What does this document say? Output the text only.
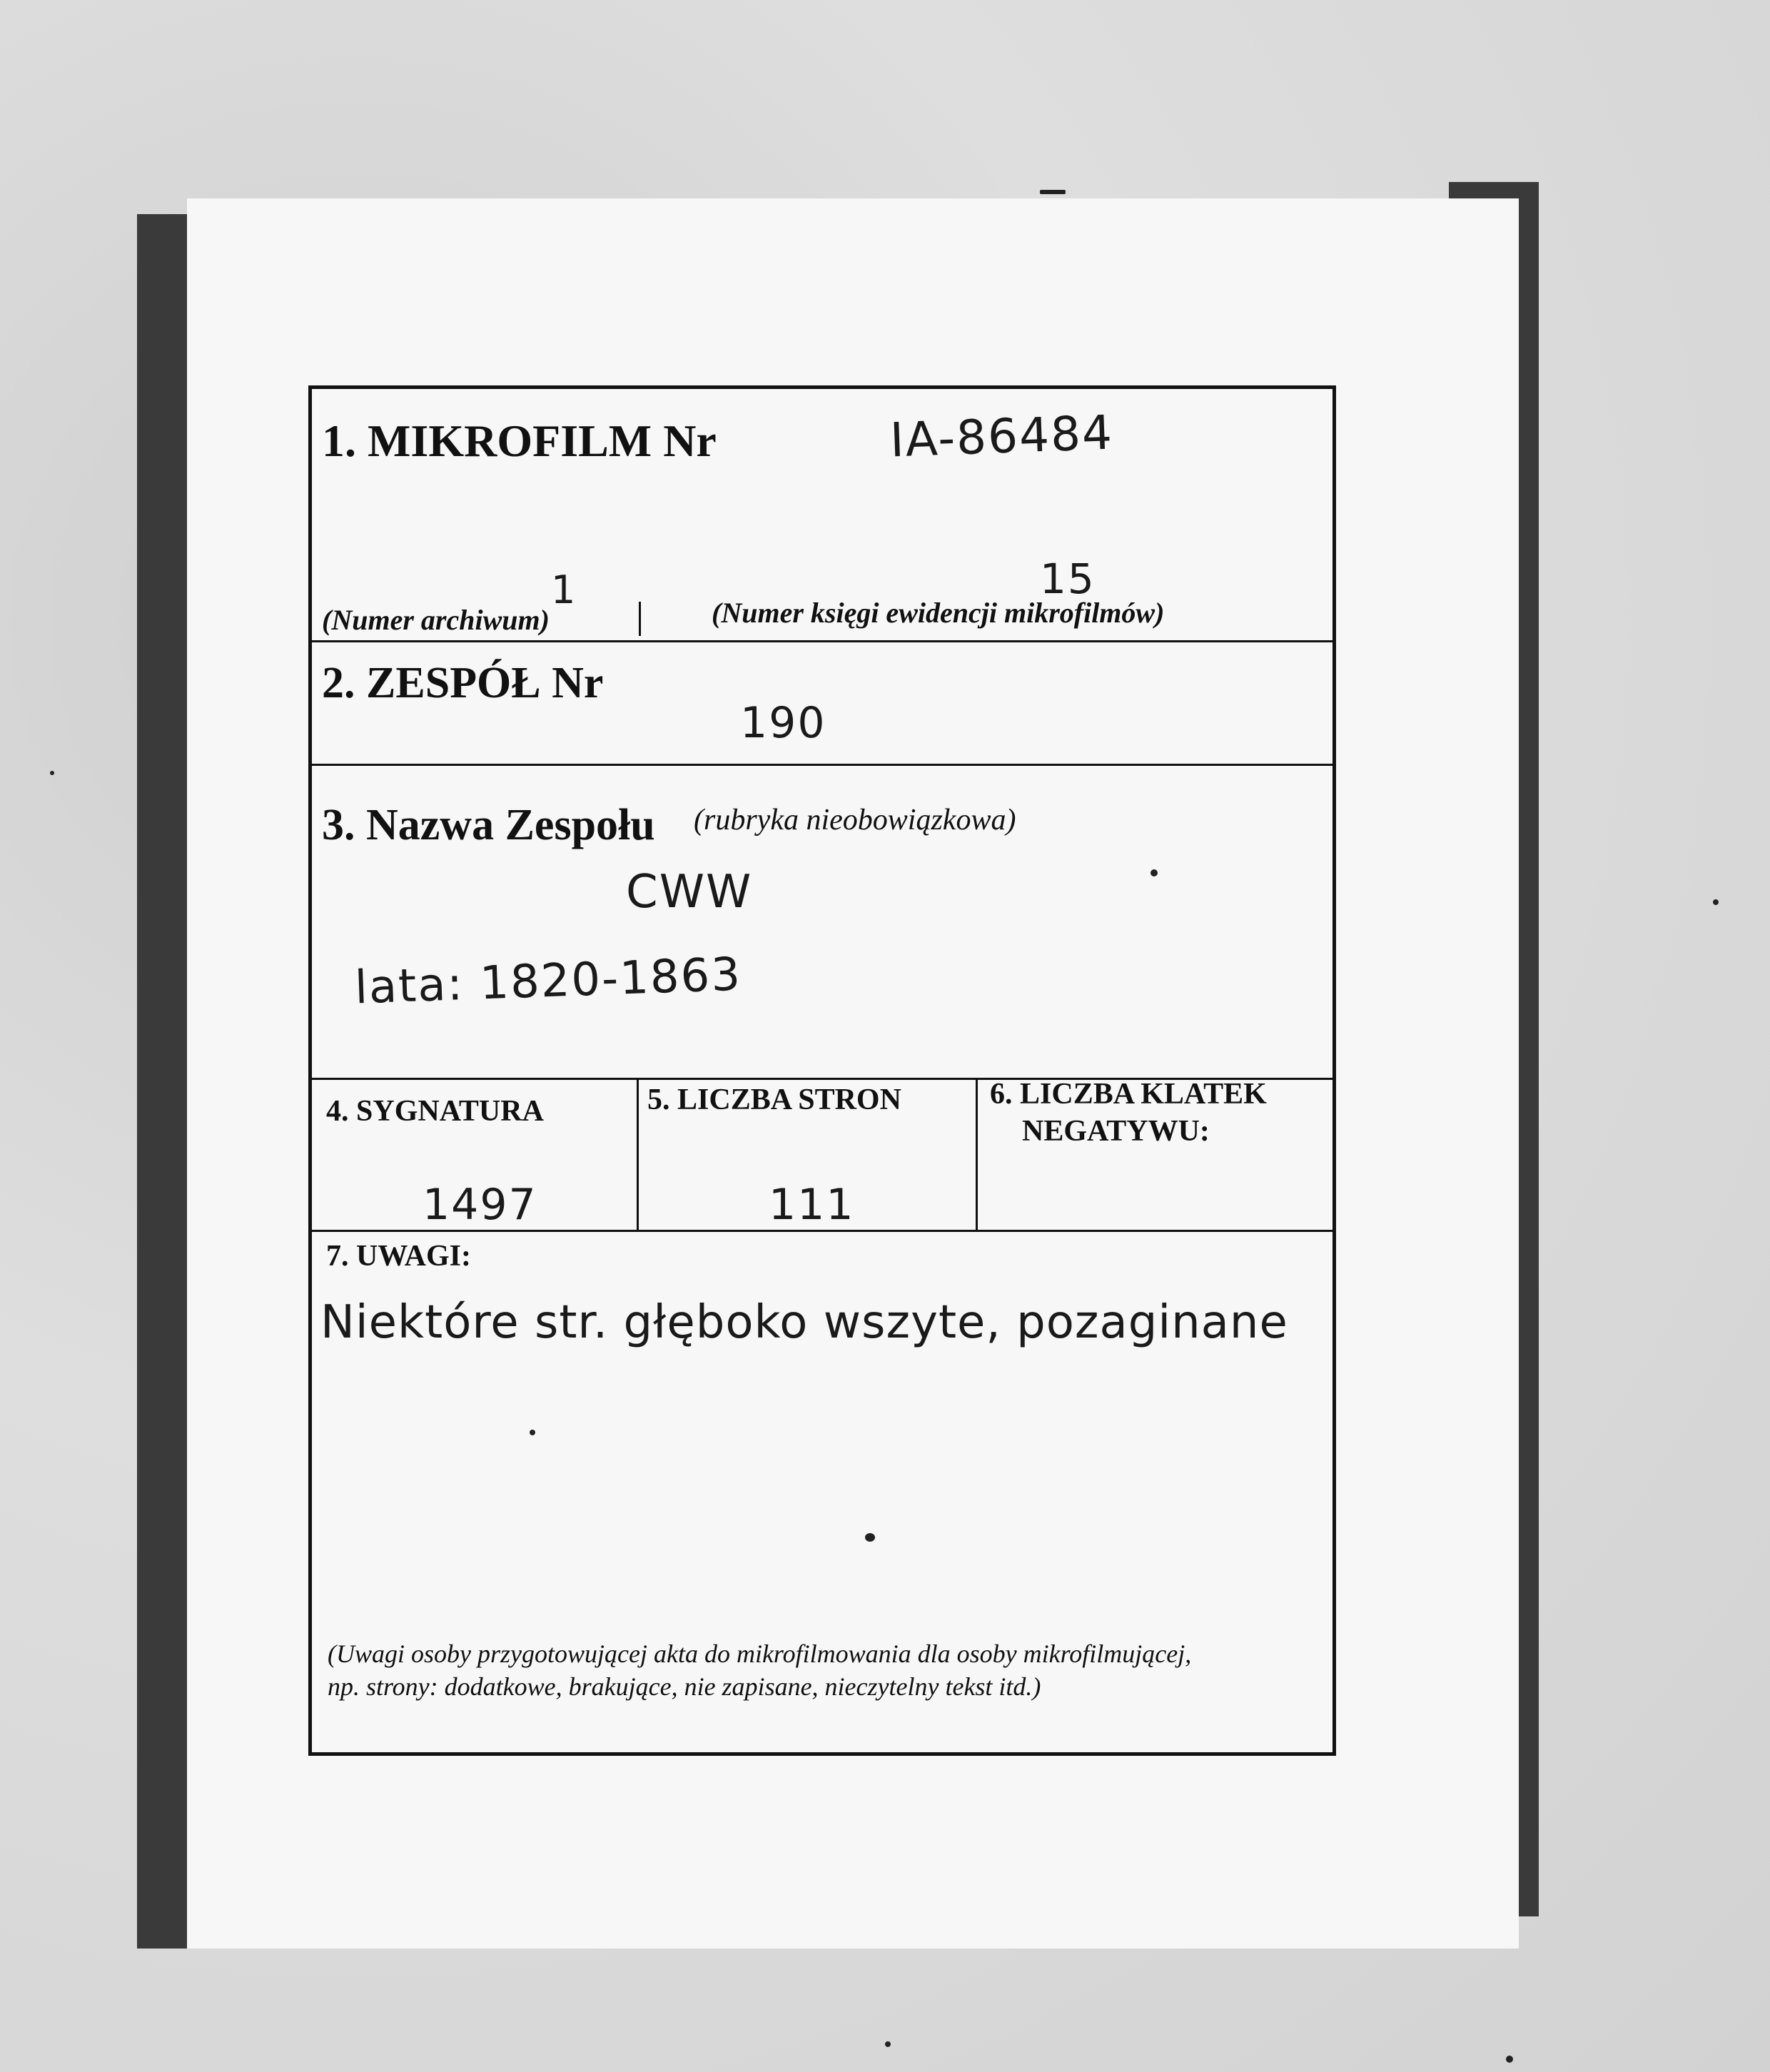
1. MIKROFILM Nr	IA-86484
1	15
(Numer archiwum)	(Numer księgi ewidencji mikrofilmów)
2. ZESPÓŁ Nr
190
3. Nazwa Zespołu (rubryka nieobowiązkowa)
CWW
lata: 1820-1863
4. SYGNATURA
1497
5. LICZBA STRON
111
6. LICZBA KLATEK
NEGATYWU:
7. UWAGI:
Niektóre str. głęboko wszyte, pozaginane
(Uwagi osoby przygotowującej akta do mikrofilmowania dla osoby mikrofilmującej,
np. strony: dodatkowe, brakujące, nie zapisane, nieczytelny tekst itd.)
